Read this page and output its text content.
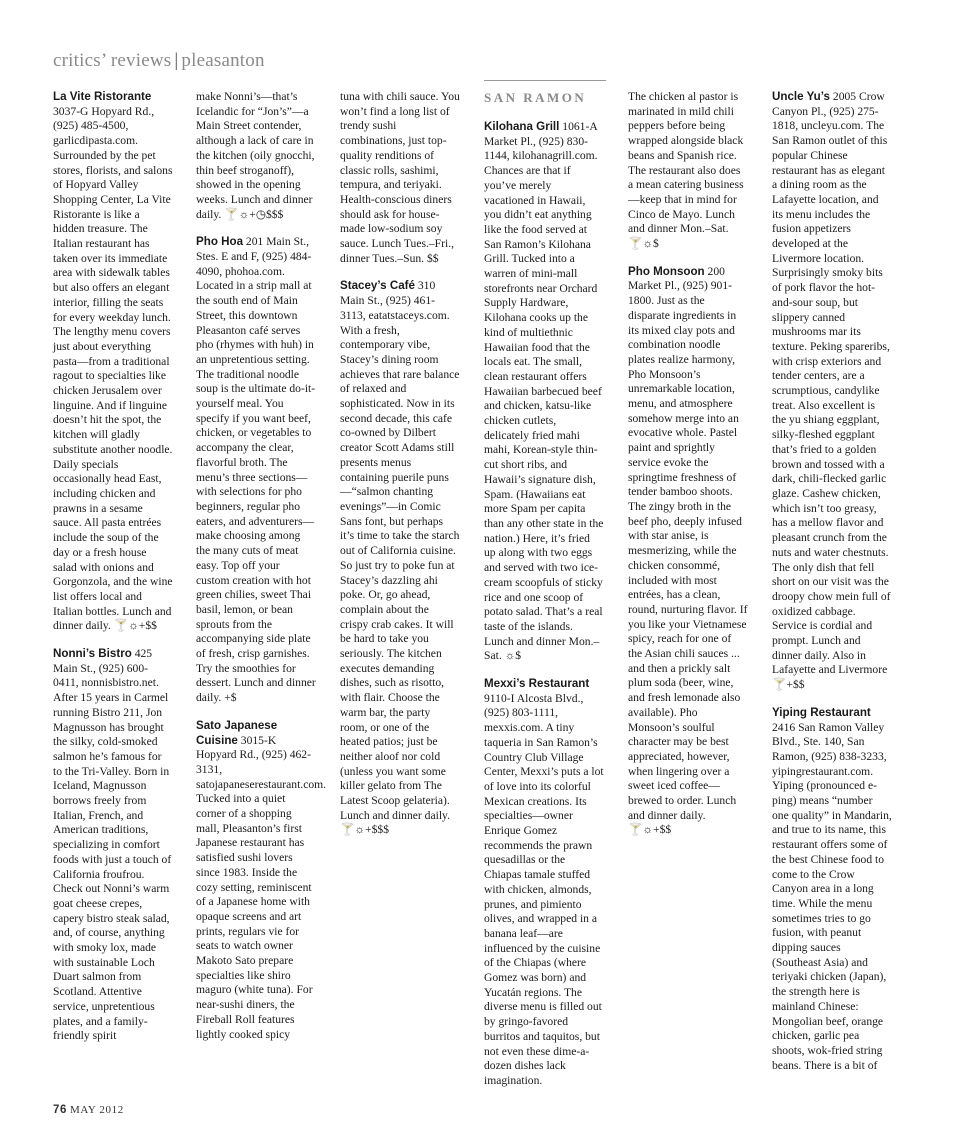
critics’ reviews | pleasanton

La Vite Ristorante 3037-G Hopyard Rd., (925) 485-4500, garlicdipasta.com. Surrounded by the pet stores, florists, and salons of Hopyard Valley Shopping Center, La Vite Ristorante is like a hidden treasure. The Italian restaurant has taken over its immediate area with sidewalk tables but also offers an elegant interior, filling the seats for every weekday lunch. The lengthy menu covers just about everything pasta—from a traditional ragout to specialties like chicken Jerusalem over linguine. And if linguine doesn’t hit the spot, the kitchen will gladly substitute another noodle. Daily specials occasionally head East, including chicken and prawns in a sesame sauce. All pasta entrées include the soup of the day or a fresh house salad with onions and Gorgonzola, and the wine list offers local and Italian bottles. Lunch and dinner daily. 🍸☼+$$

Nonni’s Bistro 425 Main St., (925) 600-0411, nonnisbistro.net. After 15 years in Carmel running Bistro 211, Jon Magnusson has brought the silky, cold-smoked salmon he’s famous for to the Tri-Valley. Born in Iceland, Magnusson borrows freely from Italian, French, and American traditions, specializing in comfort foods with just a touch of California froufrou. Check out Nonni’s warm goat cheese crepes, capery bistro steak salad, and, of course, anything with smoky lox, made with sustainable Loch Duart salmon from Scotland. Attentive service, unpretentious plates, and a family-friendly spirit

make Nonni’s—that’s Icelandic for “Jon’s”—a Main Street contender, although a lack of care in the kitchen (oily gnocchi, thin beef stroganoff), showed in the opening weeks. Lunch and dinner daily. 🍸☼+◷$$$

Pho Hoa 201 Main St., Stes. E and F, (925) 484-4090, phohoa.com. Located in a strip mall at the south end of Main Street, this downtown Pleasanton café serves pho (rhymes with huh) in an unpretentious setting. The traditional noodle soup is the ultimate do-it-yourself meal. You specify if you want beef, chicken, or vegetables to accompany the clear, flavorful broth. The menu’s three sections—with selections for pho beginners, regular pho eaters, and adventurers—make choosing among the many cuts of meat easy. Top off your custom creation with hot green chilies, sweet Thai basil, lemon, or bean sprouts from the accompanying side plate of fresh, crisp garnishes. Try the smoothies for dessert. Lunch and dinner daily. +$

Sato Japanese Cuisine 3015-K Hopyard Rd., (925) 462-3131, satojapaneserestaurant.com. Tucked into a quiet corner of a shopping mall, Pleasanton’s first Japanese restaurant has satisfied sushi lovers since 1983. Inside the cozy setting, reminiscent of a Japanese home with opaque screens and art prints, regulars vie for seats to watch owner Makoto Sato prepare specialties like shiro maguro (white tuna). For near-sushi diners, the Fireball Roll features lightly cooked spicy

tuna with chili sauce. You won’t find a long list of trendy sushi combinations, just top-quality renditions of classic rolls, sashimi, tempura, and teriyaki. Health-conscious diners should ask for house-made low-sodium soy sauce. Lunch Tues.–Fri., dinner Tues.–Sun. $$

Stacey’s Café 310 Main St., (925) 461-3113, eatatstaceys.com. With a fresh, contemporary vibe, Stacey’s dining room achieves that rare balance of relaxed and sophisticated. Now in its second decade, this cafe co-owned by Dilbert creator Scott Adams still presents menus containing puerile puns—“salmon chanting evenings”—in Comic Sans font, but perhaps it’s time to take the starch out of California cuisine. So just try to poke fun at Stacey’s dazzling ahi poke. Or, go ahead, complain about the crispy crab cakes. It will be hard to take you seriously. The kitchen executes demanding dishes, such as risotto, with flair. Choose the warm bar, the party room, or one of the heated patios; just be neither aloof nor cold (unless you want some killer gelato from The Latest Scoop gelateria). Lunch and dinner daily. 🍸☼+$$$

SAN RAMON

Kilohana Grill 1061-A Market Pl., (925) 830-1144, kilohanagrill.com. Chances are that if you’ve merely vacationed in Hawaii, you didn’t eat anything like the food served at San Ramon’s Kilohana Grill. Tucked into a warren of mini-mall storefronts near Orchard Supply Hardware, Kilohana cooks up the kind of multiethnic Hawaiian food that the locals eat. The small, clean restaurant offers Hawaiian barbecued beef and chicken, katsu-like chicken cutlets, delicately fried mahi mahi, Korean-style thin-cut short ribs, and Hawaii’s signature dish, Spam. (Hawaiians eat more Spam per capita than any other state in the nation.) Here, it’s fried up along with two eggs and served with two ice-cream scoopfuls of sticky rice and one scoop of potato salad. That’s a real taste of the islands. Lunch and dinner Mon.–Sat. ☼$

Mexxi’s Restaurant 9110-I Alcosta Blvd., (925) 803-1111, mexxis.com. A tiny taqueria in San Ramon’s Country Club Village Center, Mexxi’s puts a lot of love into its colorful Mexican creations. Its specialties—owner Enrique Gomez recommends the prawn quesadillas or the Chiapas tamale stuffed with chicken, almonds, prunes, and pimiento olives, and wrapped in a banana leaf—are influenced by the cuisine of the Chiapas (where Gomez was born) and Yucatán regions. The diverse menu is filled out by gringo-favored burritos and taquitos, but not even these dime-a-dozen dishes lack imagination.

The chicken al pastor is marinated in mild chili peppers before being wrapped alongside black beans and Spanish rice. The restaurant also does a mean catering business—keep that in mind for Cinco de Mayo. Lunch and dinner Mon.–Sat. 🍸☼$

Pho Monsoon 200 Market Pl., (925) 901-1800. Just as the disparate ingredients in its mixed clay pots and combination noodle plates realize harmony, Pho Monsoon’s unremarkable location, menu, and atmosphere somehow merge into an evocative whole. Pastel paint and sprightly service evoke the springtime freshness of tender bamboo shoots. The zingy broth in the beef pho, deeply infused with star anise, is mesmerizing, while the chicken consommé, included with most entrées, has a clean, round, nurturing flavor. If you like your Vietnamese spicy, reach for one of the Asian chili sauces ... and then a prickly salt plum soda (beer, wine, and fresh lemonade also available). Pho Monsoon’s soulful character may be best appreciated, however, when lingering over a sweet iced coffee—brewed to order. Lunch and dinner daily. 🍸☼+$$

Uncle Yu’s 2005 Crow Canyon Pl., (925) 275-1818, uncleyu.com. The San Ramon outlet of this popular Chinese restaurant has as elegant a dining room as the Lafayette location, and its menu includes the fusion appetizers developed at the Livermore location. Surprisingly smoky bits of pork flavor the hot-and-sour soup, but slippery canned mushrooms mar its texture. Peking spareribs, with crisp exteriors and tender centers, are a scrumptious, candylike treat. Also excellent is the yu shiang eggplant, silky-fleshed eggplant that’s fried to a golden brown and tossed with a dark, chili-flecked garlic glaze. Cashew chicken, which isn’t too greasy, has a mellow flavor and pleasant crunch from the nuts and water chestnuts. The only dish that fell short on our visit was the droopy chow mein full of oxidized cabbage. Service is cordial and prompt. Lunch and dinner daily. Also in Lafayette and Livermore 🍸+$$

Yiping Restaurant 2416 San Ramon Valley Blvd., Ste. 140, San Ramon, (925) 838-3233, yipingrestaurant.com. Yiping (pronounced e-ping) means “number one quality” in Mandarin, and true to its name, this restaurant offers some of the best Chinese food to come to the Crow Canyon area in a long time. While the menu sometimes tries to go fusion, with peanut dipping sauces (Southeast Asia) and teriyaki chicken (Japan), the strength here is mainland Chinese: Mongolian beef, orange chicken, garlic pea shoots, wok-fried string beans. There is a bit of

76 MAY 2012
